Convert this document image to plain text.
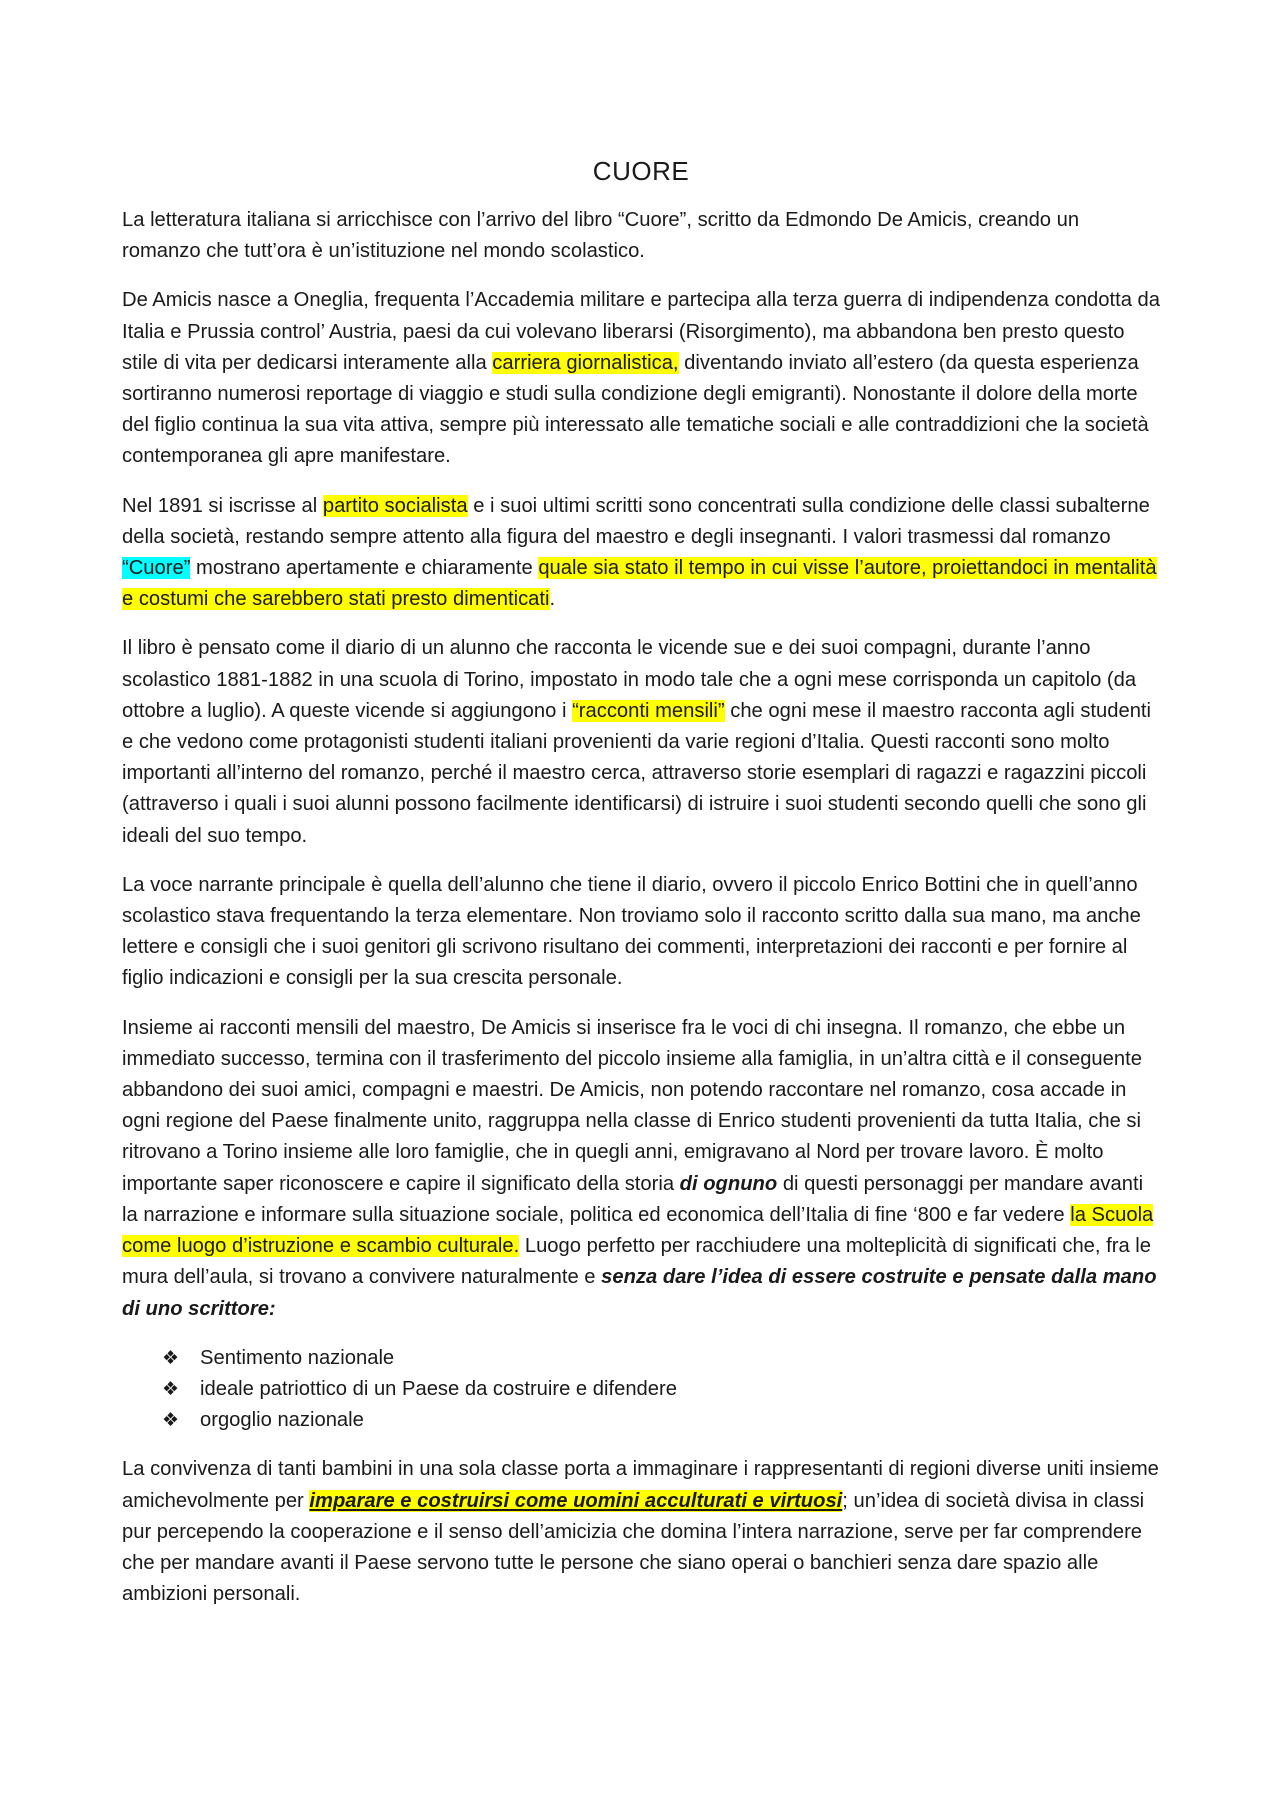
CUORE

La letteratura italiana si arricchisce con l’arrivo del libro “Cuore”, scritto da Edmondo De Amicis, creando un romanzo che tutt’ora è un’istituzione nel mondo scolastico.

De Amicis nasce a Oneglia, frequenta l’Accademia militare e partecipa alla terza guerra di indipendenza condotta da Italia e Prussia control’ Austria, paesi da cui volevano liberarsi (Risorgimento), ma abbandona ben presto questo stile di vita per dedicarsi interamente alla carriera giornalistica, diventando inviato all’estero (da questa esperienza sortiranno numerosi reportage di viaggio e studi sulla condizione degli emigranti). Nonostante il dolore della morte del figlio continua la sua vita attiva, sempre più interessato alle tematiche sociali e alle contraddizioni che la società contemporanea gli apre manifestare.

Nel 1891 si iscrisse al partito socialista e i suoi ultimi scritti sono concentrati sulla condizione delle classi subalterne della società, restando sempre attento alla figura del maestro e degli insegnanti. I valori trasmessi dal romanzo “Cuore” mostrano apertamente e chiaramente quale sia stato il tempo in cui visse l’autore, proiettandoci in mentalità e costumi che sarebbero stati presto dimenticati.

Il libro è pensato come il diario di un alunno che racconta le vicende sue e dei suoi compagni, durante l’anno scolastico 1881-1882 in una scuola di Torino, impostato in modo tale che a ogni mese corrisponda un capitolo (da ottobre a luglio). A queste vicende si aggiungono i “racconti mensili” che ogni mese il maestro racconta agli studenti e che vedono come protagonisti studenti italiani provenienti da varie regioni d’Italia. Questi racconti sono molto importanti all’interno del romanzo, perché il maestro cerca, attraverso storie esemplari di ragazzi e ragazzini piccoli (attraverso i quali i suoi alunni possono facilmente identificarsi) di istruire i suoi studenti secondo quelli che sono gli ideali del suo tempo.

La voce narrante principale è quella dell’alunno che tiene il diario, ovvero il piccolo Enrico Bottini che in quell’anno scolastico stava frequentando la terza elementare. Non troviamo solo il racconto scritto dalla sua mano, ma anche lettere e consigli che i suoi genitori gli scrivono risultano dei commenti, interpretazioni dei racconti e per fornire al figlio indicazioni e consigli per la sua crescita personale.

Insieme ai racconti mensili del maestro, De Amicis si inserisce fra le voci di chi insegna. Il romanzo, che ebbe un immediato successo, termina con il trasferimento del piccolo insieme alla famiglia, in un’altra città e il conseguente abbandono dei suoi amici, compagni e maestri. De Amicis, non potendo raccontare nel romanzo, cosa accade in ogni regione del Paese finalmente unito, raggruppa nella classe di Enrico studenti provenienti da tutta Italia, che si ritrovano a Torino insieme alle loro famiglie, che in quegli anni, emigravano al Nord per trovare lavoro. È molto importante saper riconoscere e capire il significato della storia di ognuno di questi personaggi per mandare avanti la narrazione e informare sulla situazione sociale, politica ed economica dell’Italia di fine ‘800 e far vedere la Scuola come luogo d’istruzione e scambio culturale. Luogo perfetto per racchiudere una molteplicità di significati che, fra le mura dell’aula, si trovano a convivere naturalmente e senza dare l’idea di essere costruite e pensate dalla mano di uno scrittore:

❖	Sentimento nazionale
❖	ideale patriottico di un Paese da costruire e difendere
❖	orgoglio nazionale

La convivenza di tanti bambini in una sola classe porta a immaginare i rappresentanti di regioni diverse uniti insieme amichevolmente per imparare e costruirsi come uomini acculturati e virtuosi; un’idea di società divisa in classi pur percependo la cooperazione e il senso dell’amicizia che domina l’intera narrazione, serve per far comprendere che per mandare avanti il Paese servono tutte le persone che siano operai o banchieri senza dare spazio alle ambizioni personali.
